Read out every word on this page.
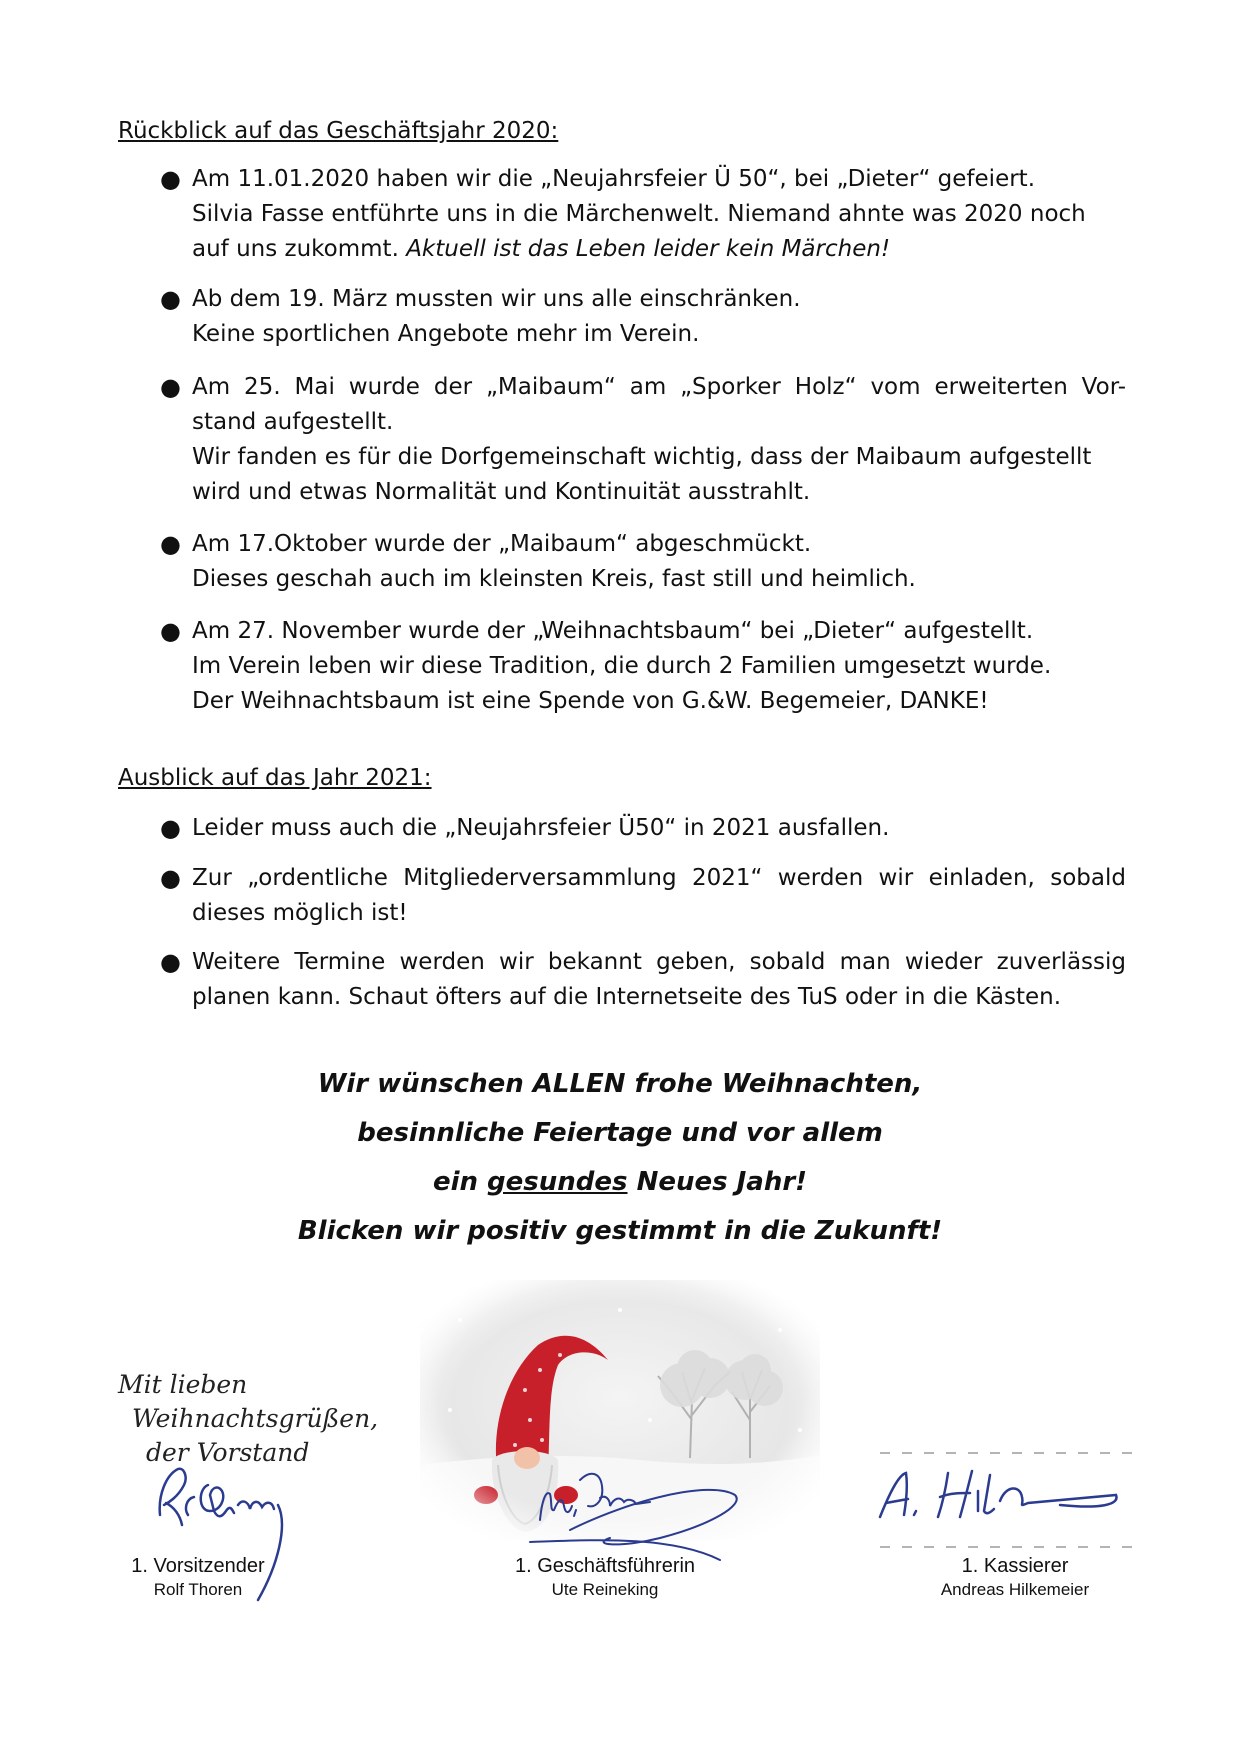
Rückblick auf das Geschäftsjahr 2020:
● Am 11.01.2020 haben wir die „Neujahrsfeier Ü 50“, bei „Dieter“ gefeiert.
Silvia Fasse entführte uns in die Märchenwelt. Niemand ahnte was 2020 noch
auf uns zukommt. Aktuell ist das Leben leider kein Märchen!
● Ab dem 19. März mussten wir uns alle einschränken.
Keine sportlichen Angebote mehr im Verein.
● Am 25. Mai wurde der „Maibaum“ am „Sporker Holz“ vom erweiterten Vor-
stand aufgestellt.
Wir fanden es für die Dorfgemeinschaft wichtig, dass der Maibaum aufgestellt
wird und etwas Normalität und Kontinuität ausstrahlt.
● Am 17.Oktober wurde der „Maibaum“ abgeschmückt.
Dieses geschah auch im kleinsten Kreis, fast still und heimlich.
● Am 27. November wurde der „Weihnachtsbaum“ bei „Dieter“ aufgestellt.
Im Verein leben wir diese Tradition, die durch 2 Familien umgesetzt wurde.
Der Weihnachtsbaum ist eine Spende von G.&W. Begemeier, DANKE!
Ausblick auf das Jahr 2021:
● Leider muss auch die „Neujahrsfeier Ü50“ in 2021 ausfallen.
● Zur „ordentliche Mitgliederversammlung 2021“ werden wir einladen, sobald
dieses möglich ist!
● Weitere Termine werden wir bekannt geben, sobald man wieder zuverlässig
planen kann. Schaut öfters auf die Internetseite des TuS oder in die Kästen.
Wir wünschen ALLEN frohe Weihnachten,
besinnliche Feiertage und vor allem
ein gesundes Neues Jahr!
Blicken wir positiv gestimmt in die Zukunft!
Mit lieben
Weihnachtsgrüßen,
der Vorstand
1. Vorsitzender
Rolf Thoren
1. Geschäftsführerin
Ute Reineking
1. Kassierer
Andreas Hilkemeier
